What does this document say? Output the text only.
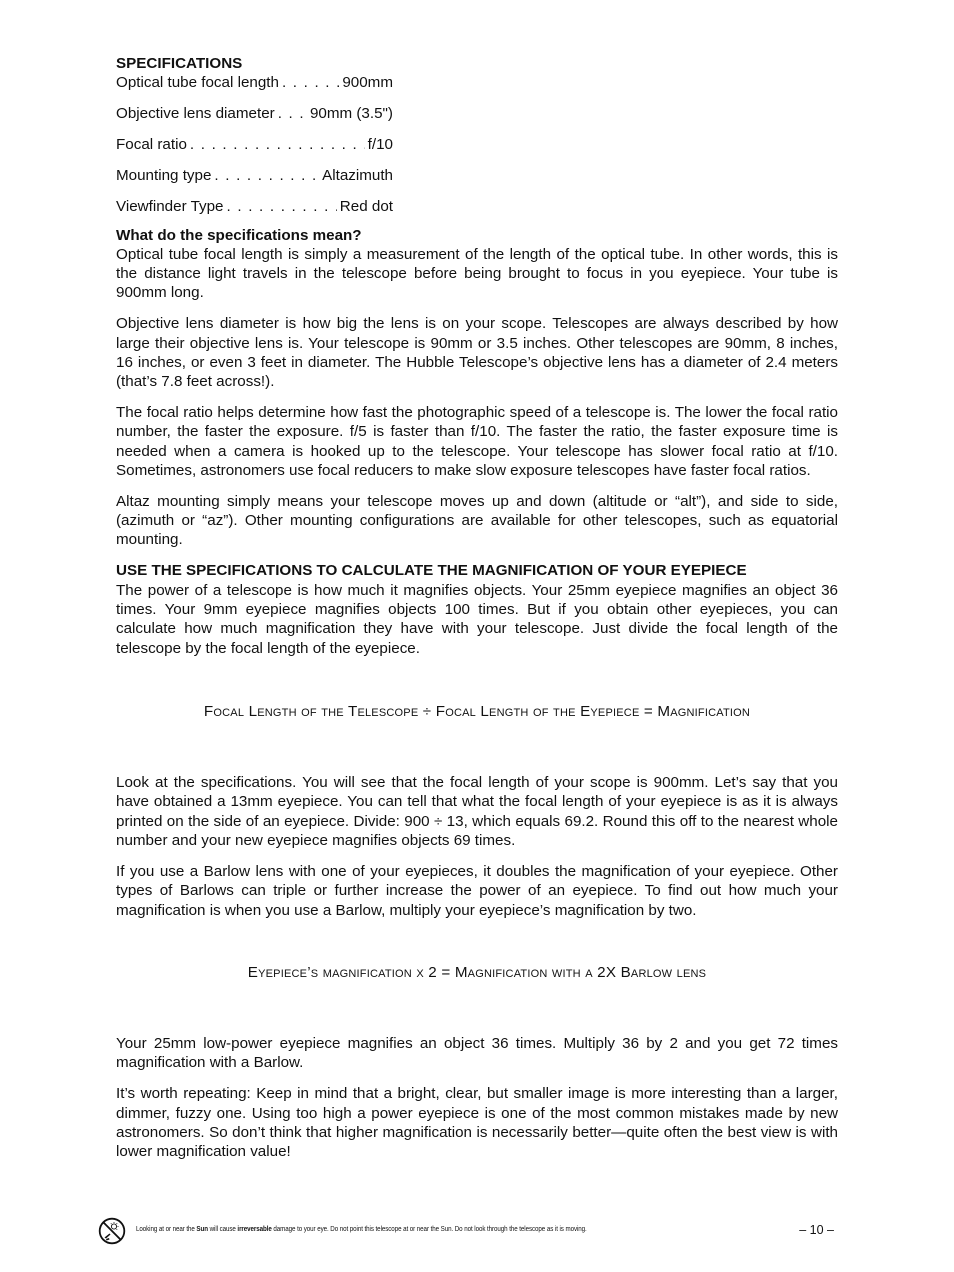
SPECIFICATIONS
Optical tube focal length . . .	900mm
Objective lens diameter . . . 90mm (3.5")
Focal ratio . . .	f/10
Mounting type . . .	Altazimuth
Viewfinder Type . . .	Red dot
What do the specifications mean?

Optical tube focal length is simply a measurement of the length of the optical tube. In other words, this is the distance light travels in the telescope before being brought to focus in you eyepiece. Your tube is 900mm long.

Objective lens diameter is how big the lens is on your scope. Telescopes are always described by how large their objective lens is. Your telescope is 90mm or 3.5 inches. Other telescopes are 90mm, 8 inches, 16 inches, or even 3 feet in diameter. The Hubble Telescope’s objective lens has a diameter of 2.4 meters (that’s 7.8 feet across!).

The focal ratio helps determine how fast the photographic speed of a telescope is. The lower the focal ratio number, the faster the exposure. f/5 is faster than f/10. The faster the ratio, the faster exposure time is needed when a camera is hooked up to the telescope. Your telescope has slower focal ratio at f/10. Sometimes, astronomers use focal reducers to make slow exposure telescopes have faster focal ratios.

Altaz mounting simply means your telescope moves up and down (altitude or “alt”), and side to side, (azimuth or “az”). Other mounting configurations are available for other telescopes, such as equatorial mounting.

USE THE SPECIFICATIONS TO CALCULATE THE MAGNIFICATION OF YOUR EYEPIECE

The power of a telescope is how much it magnifies objects. Your 25mm eyepiece magnifies an object 36 times. Your 9mm eyepiece magnifies objects 100 times. But if you obtain other eyepieces, you can calculate how much magnification they have with your telescope. Just divide the focal length of the telescope by the focal length of the eyepiece.

Focal Length of the Telescope ÷ Focal Length of the Eyepiece = Magnification

Look at the specifications. You will see that the focal length of your scope is 900mm. Let’s say that you have obtained a 13mm eyepiece. You can tell that what the focal length of your eyepiece is as it is always printed on the side of an eyepiece. Divide: 900 ÷ 13, which equals 69.2. Round this off to the nearest whole number and your new eyepiece magnifies objects 69 times.

If you use a Barlow lens with one of your eyepieces, it doubles the magnification of your eyepiece. Other types of Barlows can triple or further increase the power of an eyepiece. To find out how much your magnification is when you use a Barlow, multiply your eyepiece’s magnification by two.

Eyepiece’s magnification x 2 = Magnification with a 2X Barlow lens

Your 25mm low-power eyepiece magnifies an object 36 times. Multiply 36 by 2 and you get 72 times magnification with a Barlow.

It’s worth repeating: Keep in mind that a bright, clear, but smaller image is more interesting than a larger, dimmer, fuzzy one. Using too high a power eyepiece is one of the most common mistakes made by new astronomers. So don’t think that higher magnification is necessarily better—quite often the best view is with lower magnification value!

Looking at or near the Sun will cause irreversable damage to your eye. Do not point this telescope at or near the Sun. Do not look through the telescope as it is moving.	– 10 –
